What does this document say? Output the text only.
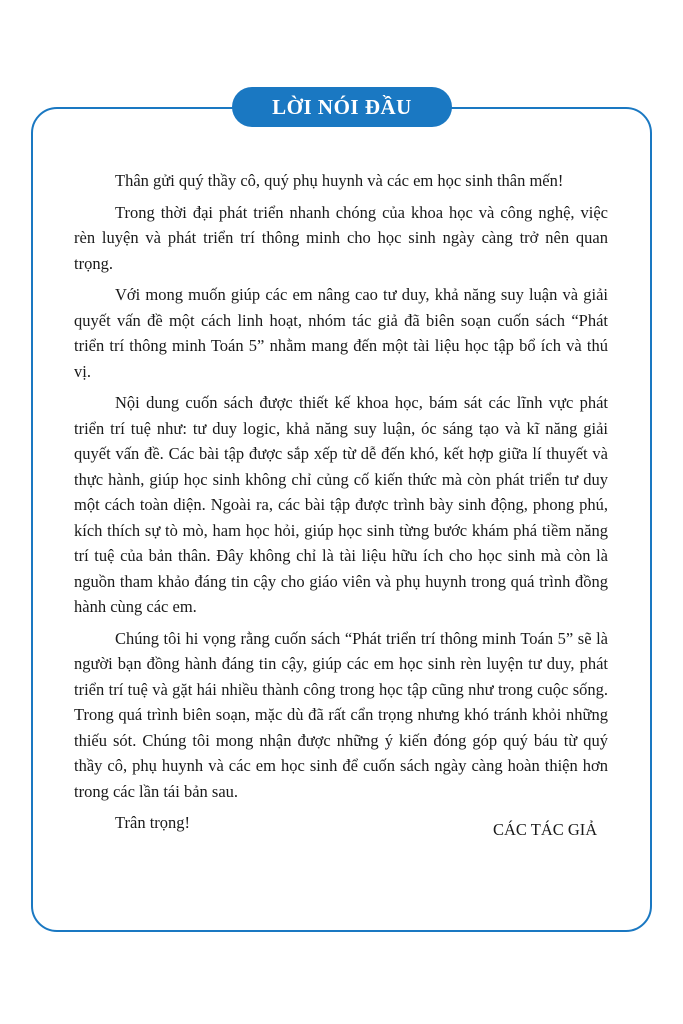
LỜI NÓI ĐẦU

Thân gửi quý thầy cô, quý phụ huynh và các em học sinh thân mến!

Trong thời đại phát triển nhanh chóng của khoa học và công nghệ, việc rèn luyện và phát triển trí thông minh cho học sinh ngày càng trở nên quan trọng.

Với mong muốn giúp các em nâng cao tư duy, khả năng suy luận và giải quyết vấn đề một cách linh hoạt, nhóm tác giả đã biên soạn cuốn sách “Phát triển trí thông minh Toán 5” nhằm mang đến một tài liệu học tập bổ ích và thú vị.

Nội dung cuốn sách được thiết kế khoa học, bám sát các lĩnh vực phát triển trí tuệ như: tư duy logic, khả năng suy luận, óc sáng tạo và kĩ năng giải quyết vấn đề. Các bài tập được sắp xếp từ dễ đến khó, kết hợp giữa lí thuyết và thực hành, giúp học sinh không chỉ củng cố kiến thức mà còn phát triển tư duy một cách toàn diện. Ngoài ra, các bài tập được trình bày sinh động, phong phú, kích thích sự tò mò, ham học hỏi, giúp học sinh từng bước khám phá tiềm năng trí tuệ của bản thân. Đây không chỉ là tài liệu hữu ích cho học sinh mà còn là nguồn tham khảo đáng tin cậy cho giáo viên và phụ huynh trong quá trình đồng hành cùng các em.

Chúng tôi hi vọng rằng cuốn sách “Phát triển trí thông minh Toán 5” sẽ là người bạn đồng hành đáng tin cậy, giúp các em học sinh rèn luyện tư duy, phát triển trí tuệ và gặt hái nhiều thành công trong học tập cũng như trong cuộc sống. Trong quá trình biên soạn, mặc dù đã rất cẩn trọng nhưng khó tránh khỏi những thiếu sót. Chúng tôi mong nhận được những ý kiến đóng góp quý báu từ quý thầy cô, phụ huynh và các em học sinh để cuốn sách ngày càng hoàn thiện hơn trong các lần tái bản sau.

Trân trọng!	CÁC TÁC GIẢ
